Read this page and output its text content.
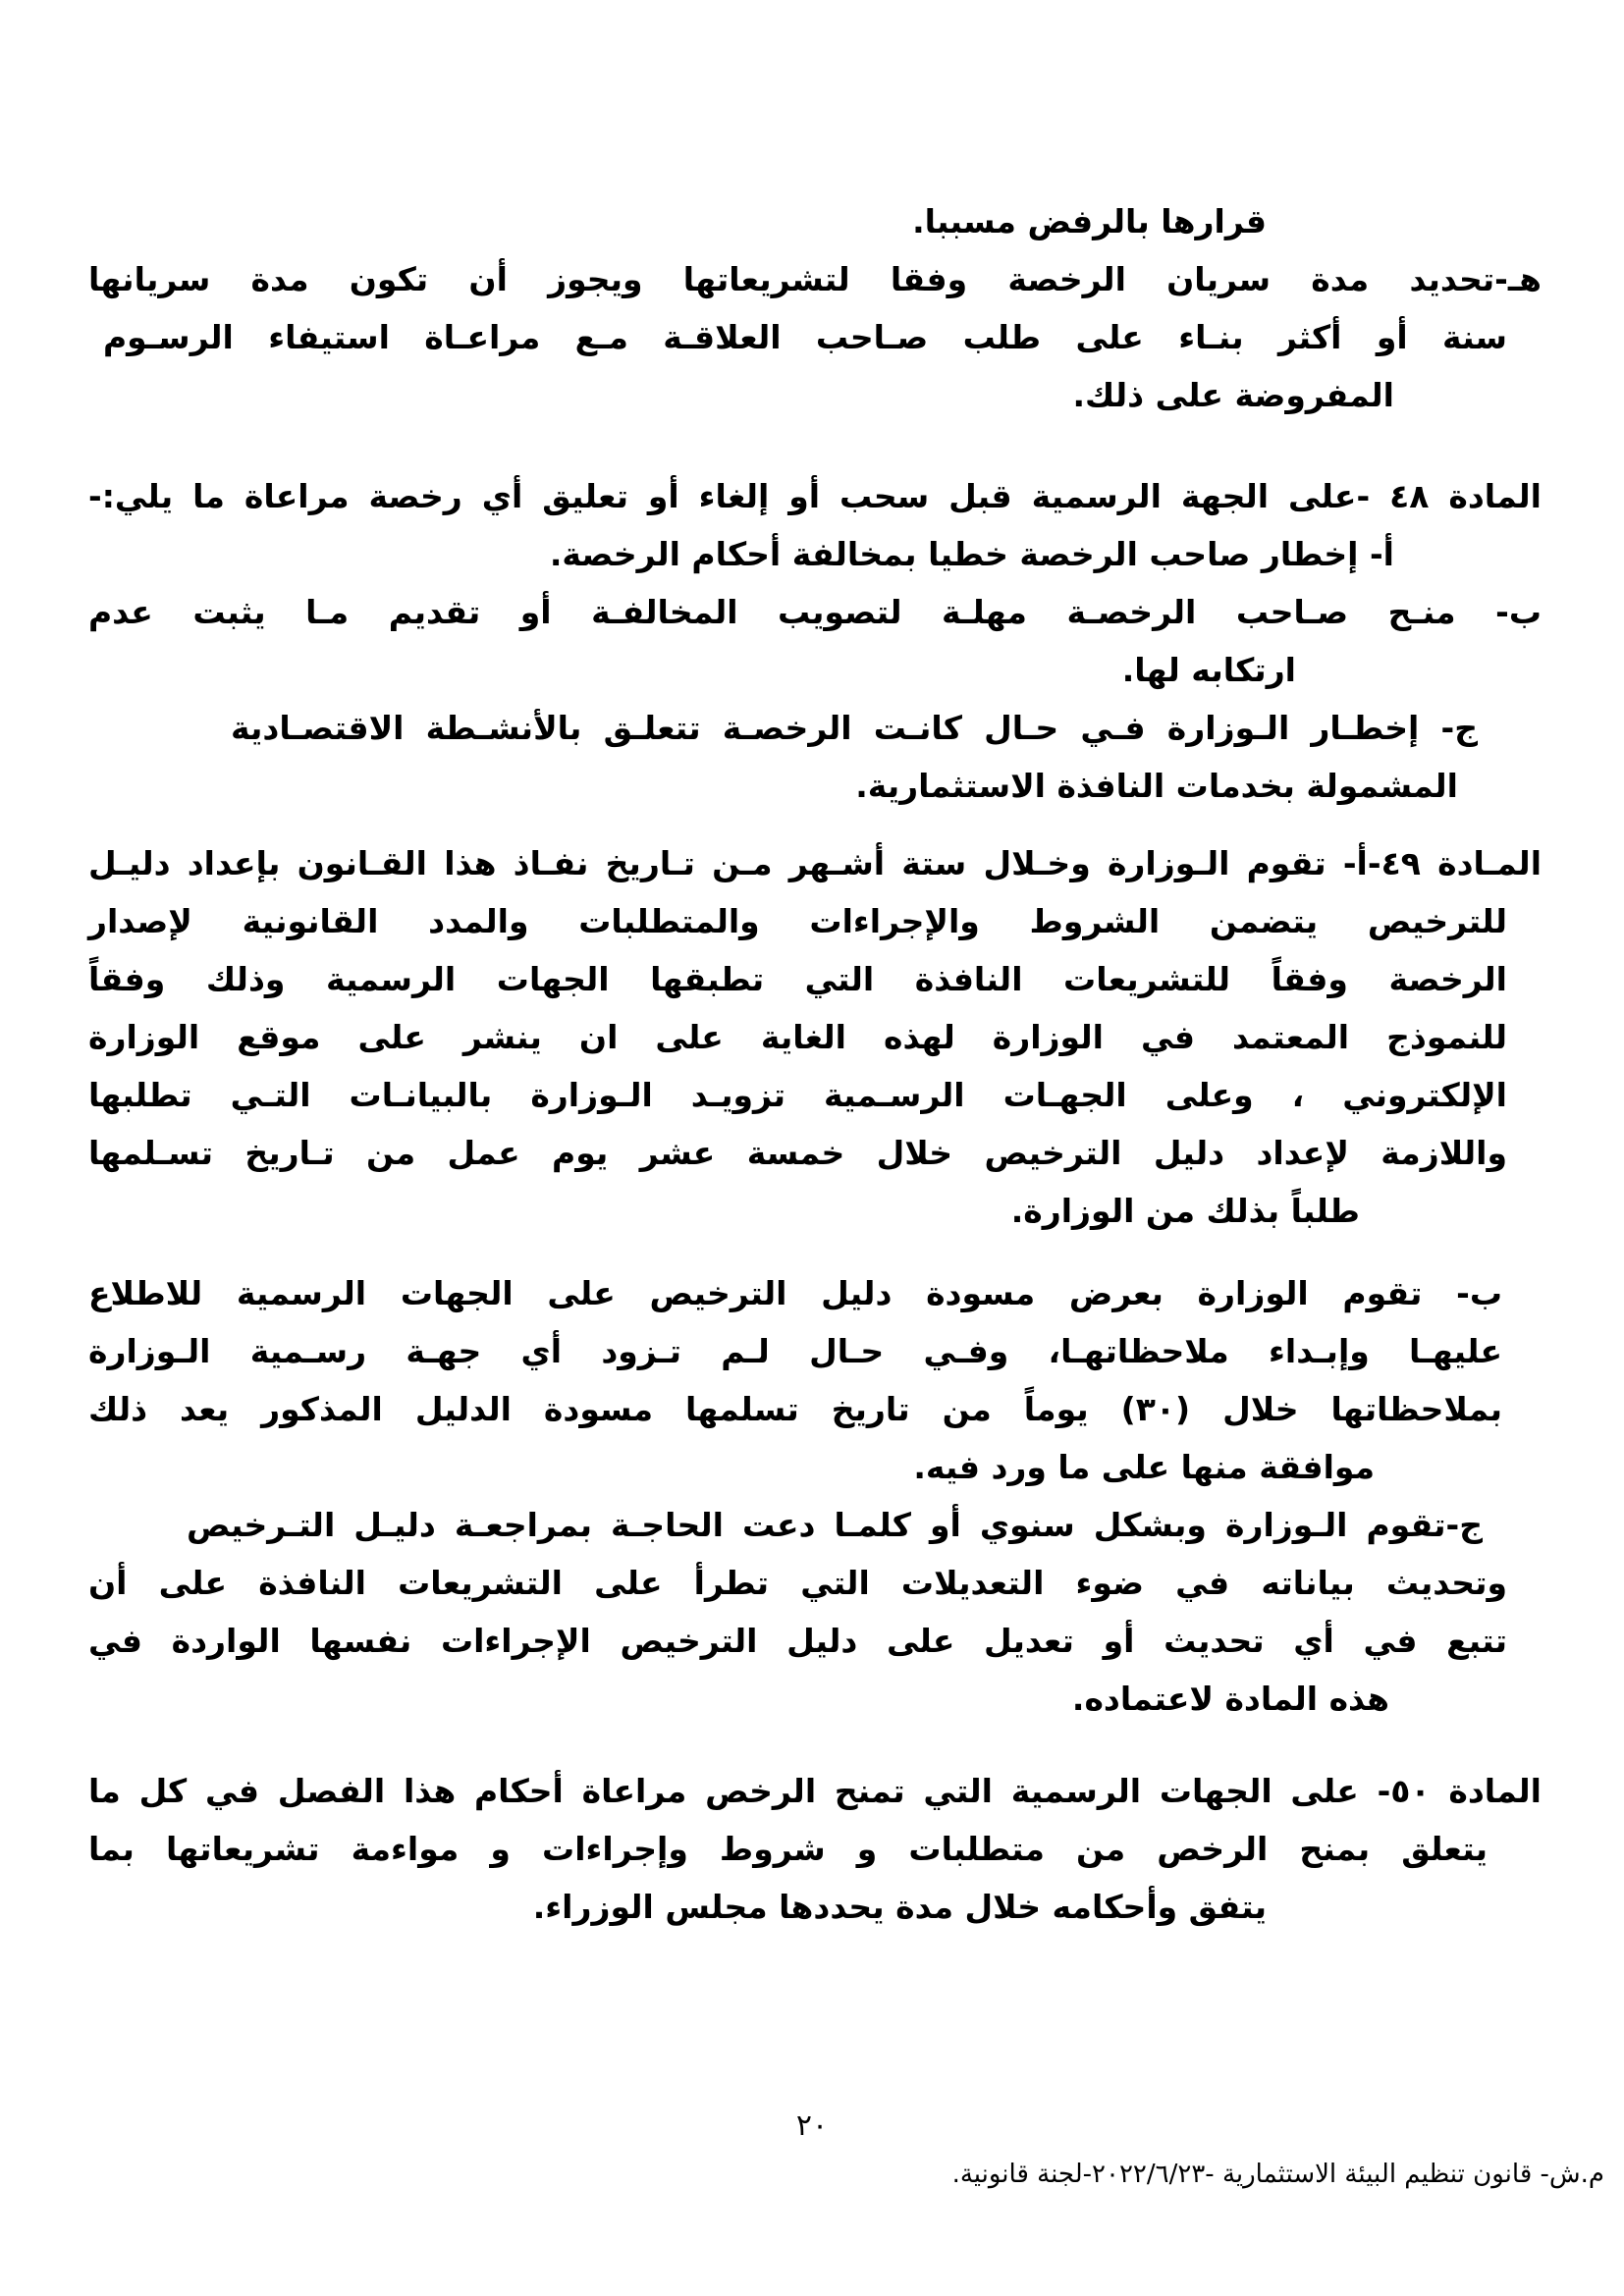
قرارها بالرفض مسببا.
هـ-تحديد مدة سريان الرخصة وفقا لتشريعاتها ويجوز أن تكون مدة سريانها
سنة أو أكثر بنـاء على طلب صـاحب العلاقـة مـع مراعـاة استيفاء الرسـوم
المفروضة على ذلك.
المادة ٤٨ -على الجهة الرسمية قبل سحب أو إلغاء أو تعليق أي رخصة مراعاة ما يلي:-
أ- إخطار صاحب الرخصة خطيا بمخالفة أحكام الرخصة.
ب- منـح صـاحب الرخصـة مهلـة لتصويب المخالفـة أو تقديم مـا يثبت عدم
ارتكابه لها.
ج- إخطـار الـوزارة فـي حـال كانـت الرخصـة تتعلـق بالأنشـطة الاقتصـادية
المشمولة بخدمات النافذة الاستثمارية.
المـادة ٤٩-أ- تقوم الـوزارة وخـلال ستة أشـهر مـن تـاريخ نفـاذ هذا القـانون بإعداد دليـل
للترخيص يتضمن الشروط والإجراءات والمتطلبات والمدد القانونية لإصدار
الرخصة وفقاً للتشريعات النافذة التي تطبقها الجهات الرسمية وذلك وفقاً
للنموذج المعتمد في الوزارة لهذه الغاية على ان ينشر على موقع الوزارة
الإلكتروني ، وعلى الجهـات الرسـمية تزويـد الـوزارة بالبيانـات التـي تطلبها
واللازمة لإعداد دليل الترخيص خلال خمسة عشر يوم عمل من تـاريخ تسـلمها
طلباً بذلك من الوزارة.
ب- تقوم الوزارة بعرض مسودة دليل الترخيص على الجهات الرسمية للاطلاع
عليهـا وإبـداء ملاحظاتهـا، وفـي حـال لـم تـزود أي جهـة رسـمية الـوزارة
بملاحظاتها خلال (٣٠) يوماً من تاريخ تسلمها مسودة الدليل المذكور يعد ذلك
موافقة منها على ما ورد فيه.
ج-تقوم الـوزارة وبشكل سنوي أو كلمـا دعت الحاجـة بمراجعـة دليـل التـرخيص
وتحديث بياناته في ضوء التعديلات التي تطرأ على التشريعات النافذة على أن
تتبع في أي تحديث أو تعديل على دليل الترخيص الإجراءات نفسها الواردة في
هذه المادة لاعتماده.
المادة ٥٠- على الجهات الرسمية التي تمنح الرخص مراعاة أحكام هذا الفصل في كل ما
يتعلق بمنح الرخص من متطلبات و شروط وإجراءات و مواءمة تشريعاتها بما
يتفق وأحكامه خلال مدة يحددها مجلس الوزراء.
٢٠
م.ش- قانون تنظيم البيئة الاستثمارية -٢٠٢٢/٦/٢٣-لجنة قانونية.
